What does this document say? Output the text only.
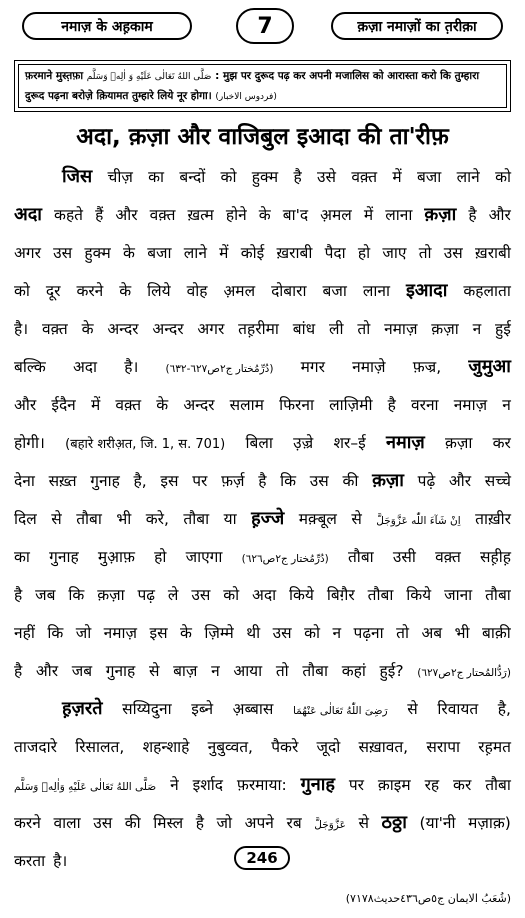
नमाज़ के अह़काम	7	क़ज़ा नमाज़ों का त़रीक़ा
फ़रमाने मुस्त़फ़ा صَلَّى اللهُ تَعَالٰى عَلَيْهِ وَ اٰلِهٖ وَسَلَّم : मुझ पर दुरूद पढ़ कर अपनी मजालिस को आरास्ता करो कि तुम्हारा
दुरूद पढ़ना बरोज़े क़ियामत तुम्हारे लिये नूर होगा। (فردوس الاخبار)
अदा, क़ज़ा और वाजिबुल इआदा की ता'रीफ़
जिस चीज़ का बन्दों को हुक्म है उसे वक़्त में बजा लाने को
अदा कहते हैं और वक़्त ख़त्म होने के बा'द अ़मल में लाना क़ज़ा है और
अगर उस हुक्म के बजा लाने में कोई ख़राबी पैदा हो जाए तो उस ख़राबी
को दूर करने के लिये वोह अ़मल दोबारा बजा लाना इआदा कहलाता
है। वक़्त के अन्दर अन्दर अगर तह़रीमा बांध ली तो नमाज़ क़ज़ा न हुई
बल्कि अदा है।	(دُرِّمُختار ج٢ص٦٢٧-٦٣٢) मगर नमाज़े फ़ज्र, जुमुआ
और ईदैन में वक़्त के अन्दर सलाम फिरना लाज़िमी है वरना नमाज़ न
होगी। (बहारे शरीअ़त, जि. 1, स. 701) बिला उ़ज़्रे शर–ई नमाज़ क़ज़ा कर
देना सख़्त गुनाह है, इस पर फ़र्ज़ है कि उस की क़ज़ा पढ़े और सच्चे
दिल से तौबा भी करे, तौबा या ह़ज्जे मक़्बूल से اِنْ شَآءَ اللّٰه عَزَّوَجَلَّ ताख़ीर
का गुनाह मुआ़फ़ हो जाएगा (دُرِّمُختار ج٢ص٦٢٦) तौबा उसी वक़्त सह़ीह़
है जब कि क़ज़ा पढ़ ले उस को अदा किये बिग़ैर तौबा किये जाना तौबा
नहीं कि जो नमाज़ इस के ज़िम्मे थी उस को न पढ़ना तो अब भी बाक़ी
है और जब गुनाह से बाज़ न आया तो तौबा कहां हुई? (رَدُّالمُحتار ج٢ص٦٢٧)
ह़ज़रते सय्यिदुना इब्ने अ़ब्बास رَضِیَ اللّٰهُ تَعَالٰی عَنْهُمَا से रिवायत है,
ताजदारे रिसालत, शहन्शाहे नुबुव्वत, पैकरे जूदो सख़ावत, सरापा रह़मत
صَلَّى اللهُ تَعَالٰى عَلَيْهِ وَاٰلِهٖ وَسَلَّم ने इर्शाद फ़रमाया: गुनाह पर क़ाइम रह कर तौबा
करने वाला उस की मिस्ल है जो अपने रब عَزَّوَجَلَّ से ठठ्ठा (या'नी मज़ाक़)
करता है।
(شُعَبُ الایمان ج٥ص٤٣٦حدیث٧١٧٨)
246
